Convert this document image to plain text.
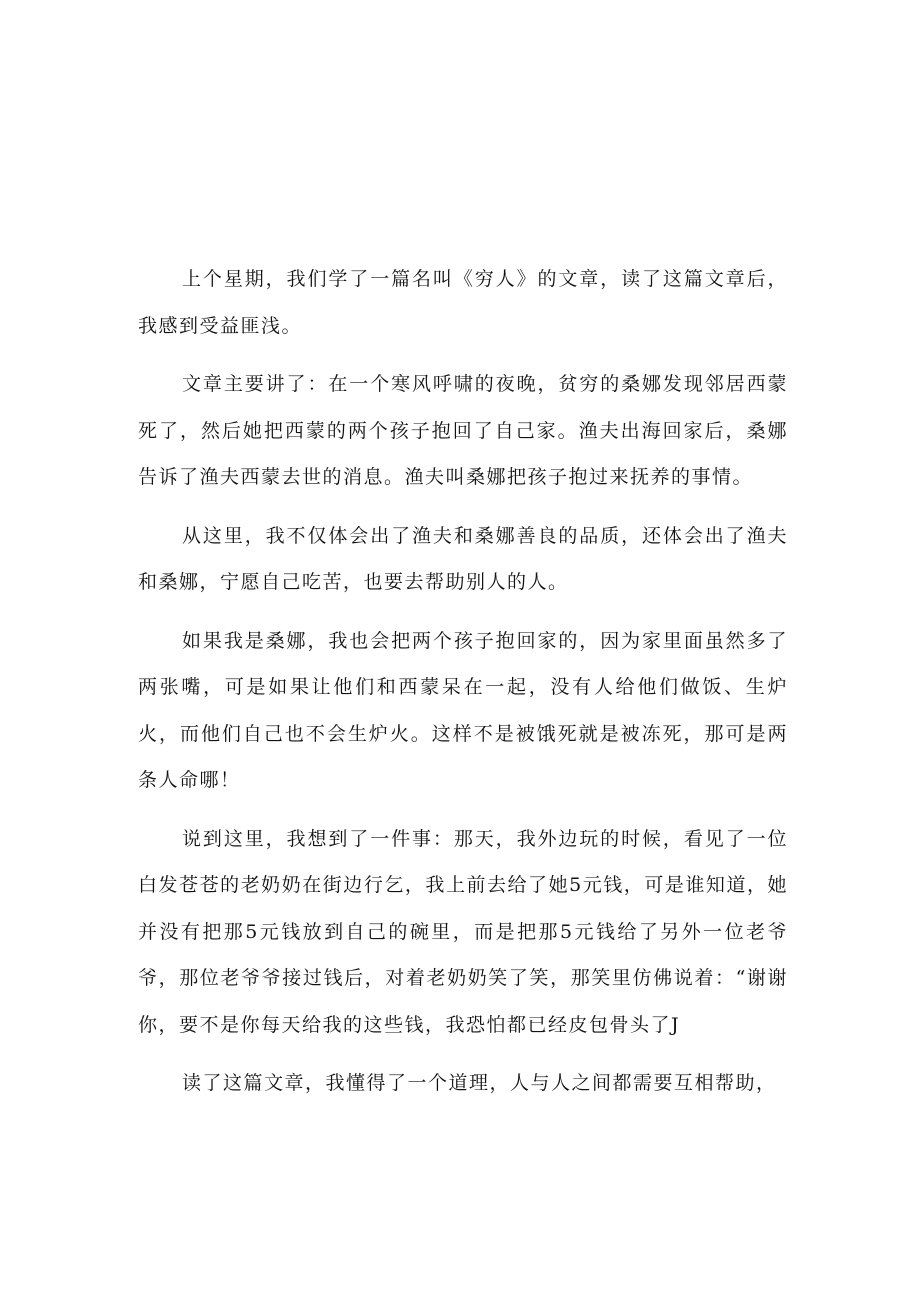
上个星期，我们学了一篇名叫《穷人》的文章，读了这篇文章后，我感到受益匪浅。

文章主要讲了：在一个寒风呼啸的夜晚，贫穷的桑娜发现邻居西蒙死了，然后她把西蒙的两个孩子抱回了自己家。渔夫出海回家后，桑娜告诉了渔夫西蒙去世的消息。渔夫叫桑娜把孩子抱过来抚养的事情。

从这里，我不仅体会出了渔夫和桑娜善良的品质，还体会出了渔夫和桑娜，宁愿自己吃苦，也要去帮助别人的人。

如果我是桑娜，我也会把两个孩子抱回家的，因为家里面虽然多了两张嘴，可是如果让他们和西蒙呆在一起，没有人给他们做饭、生炉火，而他们自己也不会生炉火。这样不是被饿死就是被冻死，那可是两条人命哪！

说到这里，我想到了一件事：那天，我外边玩的时候，看见了一位白发苍苍的老奶奶在街边行乞，我上前去给了她5元钱，可是谁知道，她并没有把那5元钱放到自己的碗里，而是把那5元钱给了另外一位老爷爷，那位老爷爷接过钱后，对着老奶奶笑了笑，那笑里仿佛说着：“谢谢你，要不是你每天给我的这些钱，我恐怕都已经皮包骨头了J

读了这篇文章，我懂得了一个道理，人与人之间都需要互相帮助，
